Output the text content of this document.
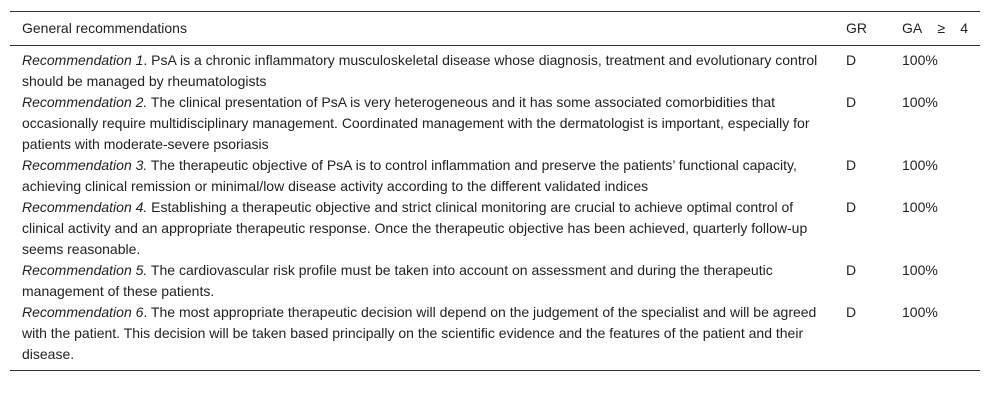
General recommendations	GR	GA ≥ 4

Recommendation 1. PsA is a chronic inflammatory musculoskeletal disease whose diagnosis, treatment and evolutionary control should be managed by rheumatologists	D	100%
Recommendation 2. The clinical presentation of PsA is very heterogeneous and it has some associated comorbidities that occasionally require multidisciplinary management. Coordinated management with the dermatologist is important, especially for patients with moderate-severe psoriasis	D	100%
Recommendation 3. The therapeutic objective of PsA is to control inflammation and preserve the patients’ functional capacity, achieving clinical remission or minimal/low disease activity according to the different validated indices	D	100%
Recommendation 4. Establishing a therapeutic objective and strict clinical monitoring are crucial to achieve optimal control of clinical activity and an appropriate therapeutic response. Once the therapeutic objective has been achieved, quarterly follow-up seems reasonable.	D	100%
Recommendation 5. The cardiovascular risk profile must be taken into account on assessment and during the therapeutic management of these patients.	D	100%
Recommendation 6. The most appropriate therapeutic decision will depend on the judgement of the specialist and will be agreed with the patient. This decision will be taken based principally on the scientific evidence and the features of the patient and their disease.	D	100%
